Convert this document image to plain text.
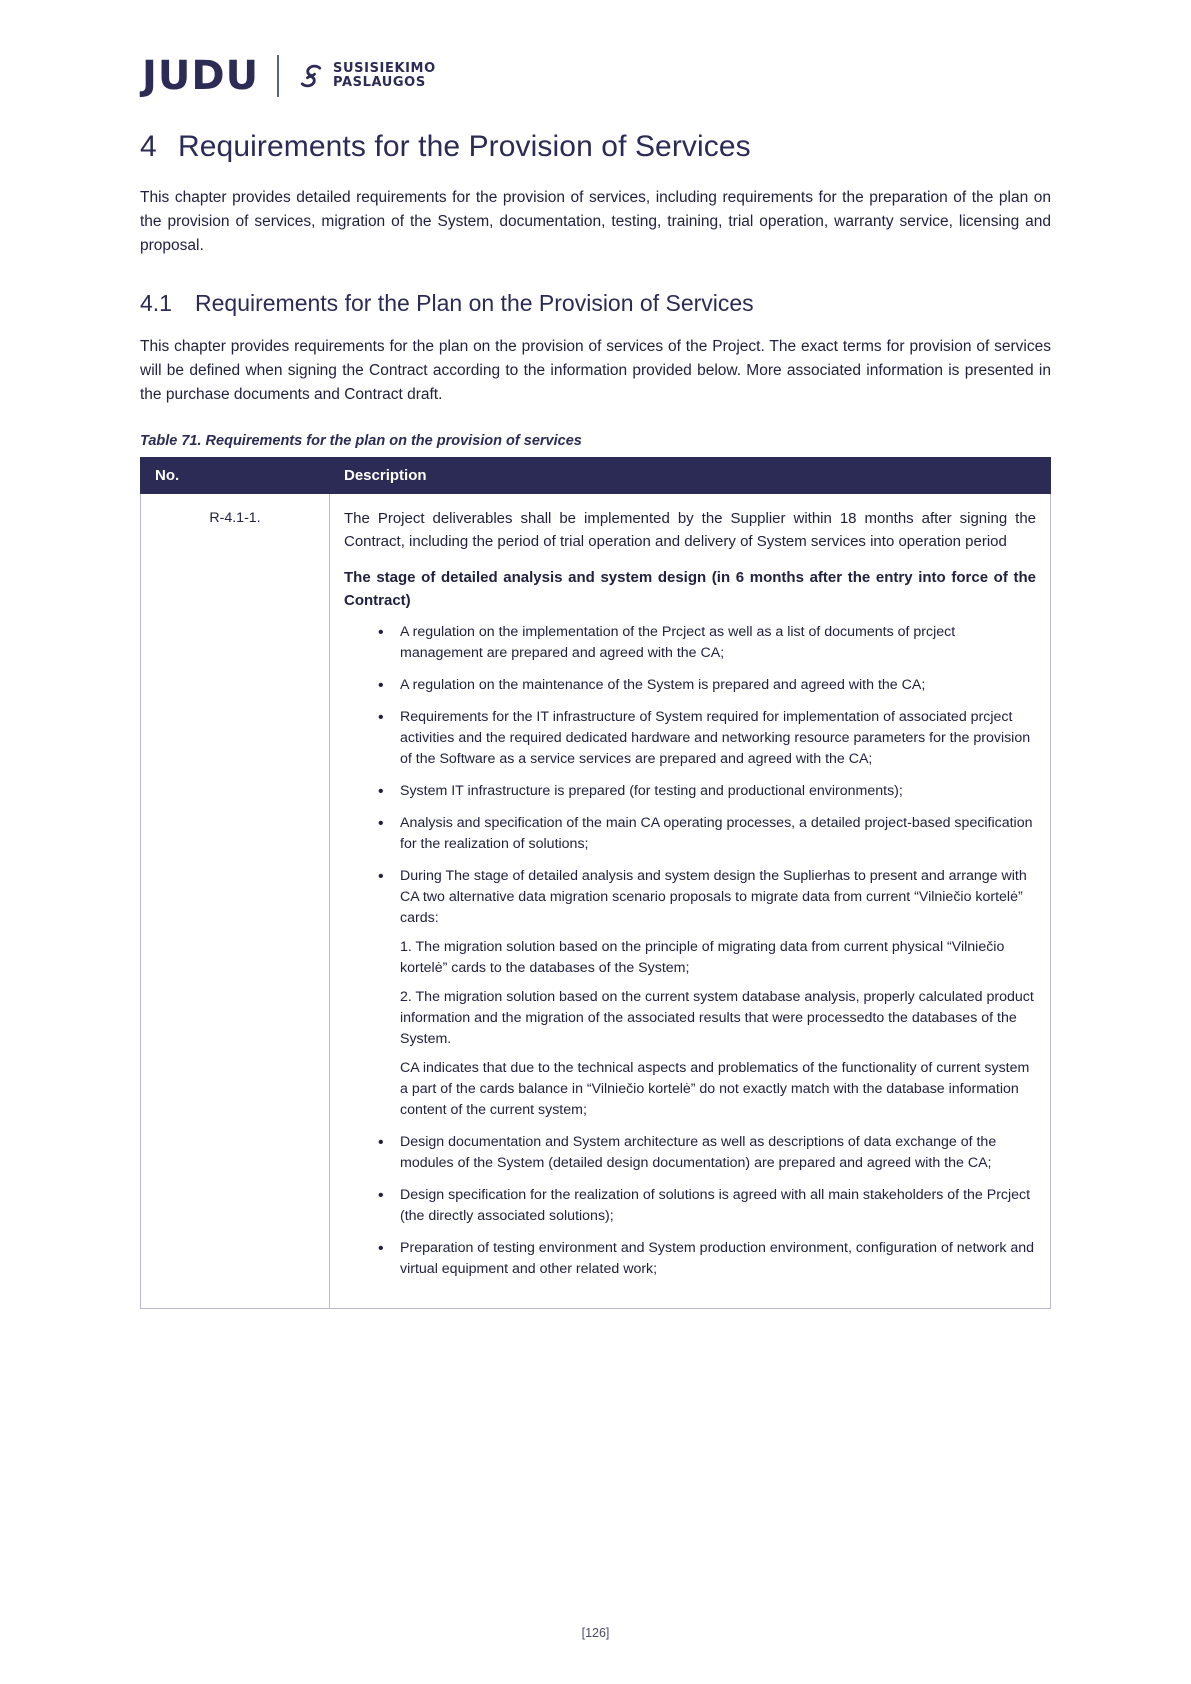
JUDU	SUSISIEKIMO
PASLAUGOS
4 Requirements for the Provision of Services

This chapter provides detailed requirements for the provision of services, including requirements for the preparation of the plan on the provision of services, migration of the System, documentation, testing, training, trial operation, warranty service, licensing and proposal.

4.1 Requirements for the Plan on the Provision of Services

This chapter provides requirements for the plan on the provision of services of the Project. The exact terms for provision of services will be defined when signing the Contract according to the information provided below. More associated information is presented in the purchase documents and Contract draft.

Table 71. Requirements for the plan on the provision of services
No.	Description
R-4.1-1.	The Project deliverables shall be implemented by the Supplier within 18 months after signing the Contract, including the period of trial operation and delivery of System services into operation period

The stage of detailed analysis and system design (in 6 months after the entry into force of the Contract)

• A regulation on the implementation of the Prcject as well as a list of documents of prcject management are prepared and agreed with the CA;
• A regulation on the maintenance of the System is prepared and agreed with the CA;
• Requirements for the IT infrastructure of System required for implementation of associated prcject activities and the required dedicated hardware and networking resource parameters for the provision of the Software as a service services are prepared and agreed with the CA;
• System IT infrastructure is prepared (for testing and productional environments);
• Analysis and specification of the main CA operating processes, a detailed project-based specification for the realization of solutions;
• During The stage of detailed analysis and system design the Suplierhas to present and arrange with CA two alternative data migration scenario proposals to migrate data from current “Vilniečio kortelė” cards:

1. The migration solution based on the principle of migrating data from current physical “Vilniečio kortelė” cards to the databases of the System;

2. The migration solution based on the current system database analysis, properly calculated product information and the migration of the associated results that were processedto the databases of the System.

CA indicates that due to the technical aspects and problematics of the functionality of current system a part of the cards balance in “Vilniečio kortelė” do not exactly match with the database information content of the current system;

• Design documentation and System architecture as well as descriptions of data exchange of the modules of the System (detailed design documentation) are prepared and agreed with the CA;
• Design specification for the realization of solutions is agreed with all main stakeholders of the Prcject (the directly associated solutions);
• Preparation of testing environment and System production environment, configuration of network and virtual equipment and other related work;
[126]
